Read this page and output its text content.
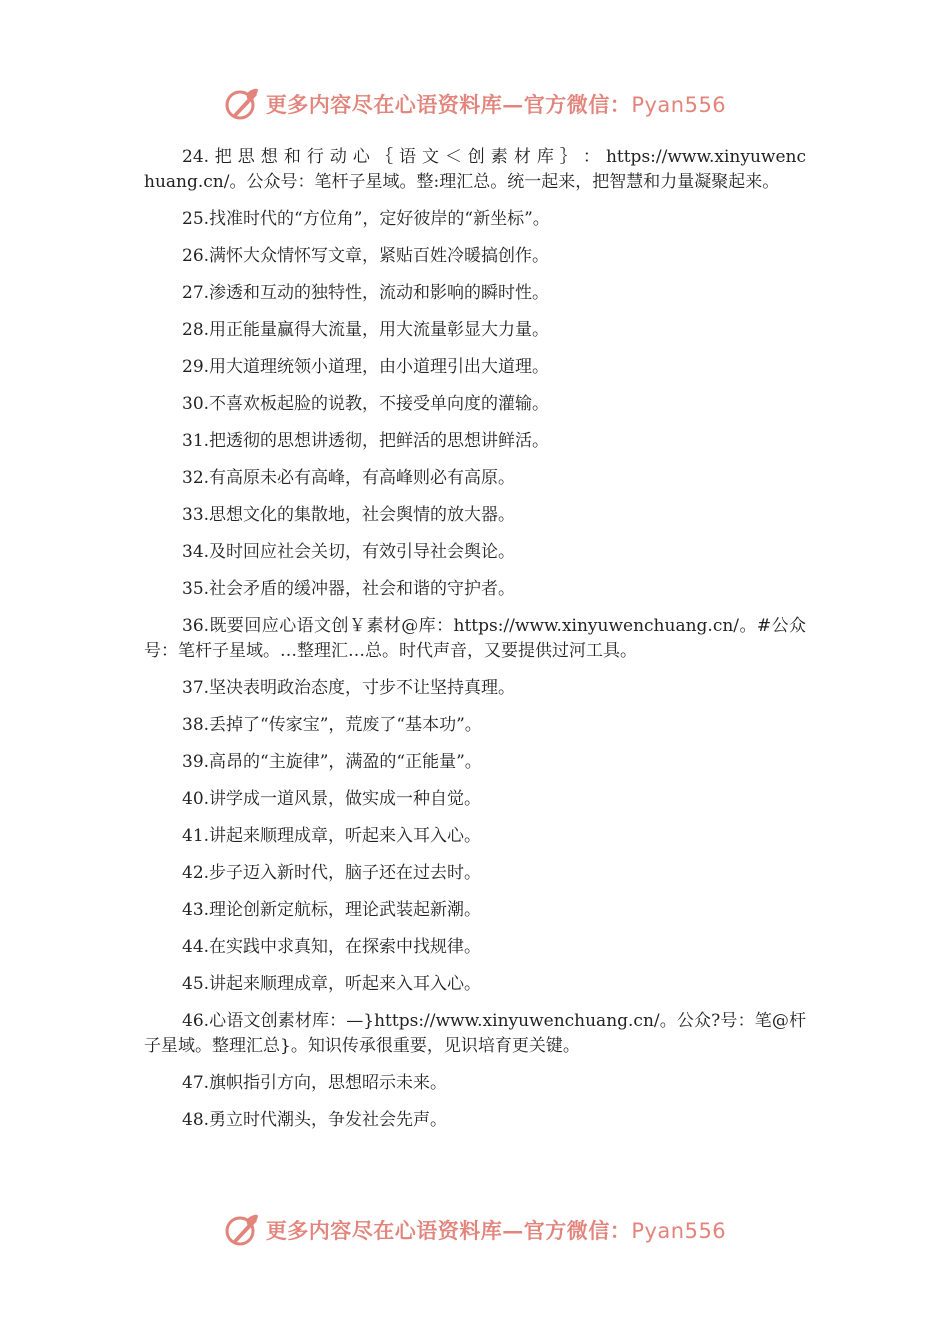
更多内容尽在心语资料库—官方微信：Pyan556

24. 把 思 想 和 行 动 心 ｛ 语 文 ＜ 创 素 材 库 ｝ ： https://www.xinyuwenchuang.cn/。公众号：笔杆子星域。整:理汇总。统一起来，把智慧和力量凝聚起来。

25.找准时代的“方位角”，定好彼岸的“新坐标”。

26.满怀大众情怀写文章，紧贴百姓冷暖搞创作。

27.渗透和互动的独特性，流动和影响的瞬时性。

28.用正能量赢得大流量，用大流量彰显大力量。

29.用大道理统领小道理，由小道理引出大道理。

30.不喜欢板起脸的说教，不接受单向度的灌输。

31.把透彻的思想讲透彻，把鲜活的思想讲鲜活。

32.有高原未必有高峰，有高峰则必有高原。

33.思想文化的集散地，社会舆情的放大器。

34.及时回应社会关切，有效引导社会舆论。

35.社会矛盾的缓冲器，社会和谐的守护者。

36.既要回应心语文创￥素材@库：https://www.xinyuwenchuang.cn/。#公众号：笔杆子星域。…整理汇…总。时代声音，又要提供过河工具。

37.坚决表明政治态度，寸步不让坚持真理。

38.丢掉了“传家宝”，荒废了“基本功”。

39.高昂的“主旋律”，满盈的“正能量”。

40.讲学成一道风景，做实成一种自觉。

41.讲起来顺理成章，听起来入耳入心。

42.步子迈入新时代，脑子还在过去时。

43.理论创新定航标，理论武装起新潮。

44.在实践中求真知，在探索中找规律。

45.讲起来顺理成章，听起来入耳入心。

46.心语文创素材库：—}https://www.xinyuwenchuang.cn/。公众?号：笔@杆子星域。整理汇总}。知识传承很重要，见识培育更关键。

47.旗帜指引方向，思想昭示未来。

48.勇立时代潮头，争发社会先声。

更多内容尽在心语资料库—官方微信：Pyan556
